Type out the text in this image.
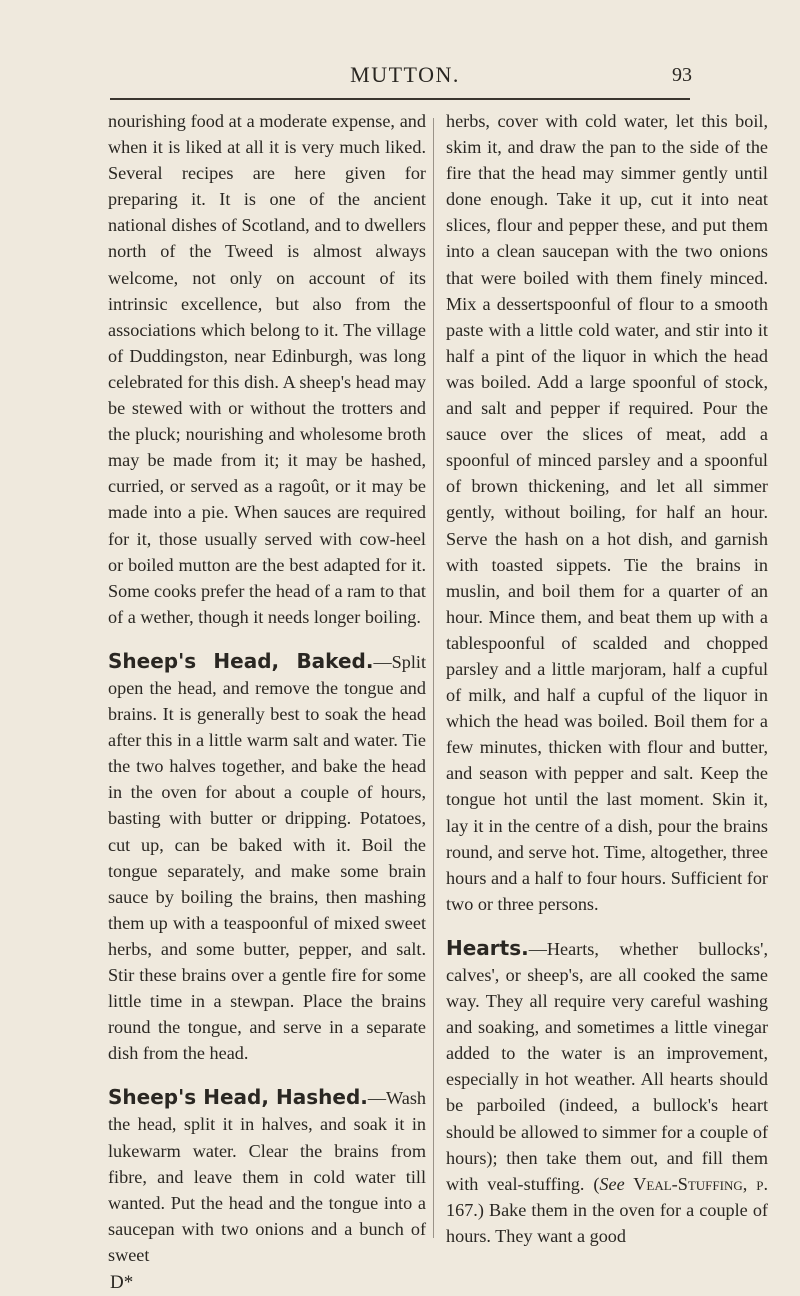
MUTTON.	93

nourishing food at a moderate expense, and when it is liked at all it is very much liked. Several recipes are here given for preparing it. It is one of the ancient national dishes of Scotland, and to dwellers north of the Tweed is almost always welcome, not only on account of its intrinsic excellence, but also from the associations which belong to it. The village of Duddingston, near Edinburgh, was long celebrated for this dish. A sheep's head may be stewed with or without the trotters and the pluck; nourishing and wholesome broth may be made from it; it may be hashed, curried, or served as a ragoût, or it may be made into a pie. When sauces are required for it, those usually served with cow-heel or boiled mutton are the best adapted for it. Some cooks prefer the head of a ram to that of a wether, though it needs longer boiling.

Sheep's Head, Baked.—Split open the head, and remove the tongue and brains. It is generally best to soak the head after this in a little warm salt and water. Tie the two halves together, and bake the head in the oven for about a couple of hours, basting with butter or dripping. Potatoes, cut up, can be baked with it. Boil the tongue separately, and make some brain sauce by boiling the brains, then mashing them up with a teaspoonful of mixed sweet herbs, and some butter, pepper, and salt. Stir these brains over a gentle fire for some little time in a stewpan. Place the brains round the tongue, and serve in a separate dish from the head.

Sheep's Head, Hashed.—Wash the head, split it in halves, and soak it in lukewarm water. Clear the brains from fibre, and leave them in cold water till wanted. Put the head and the tongue into a saucepan with two onions and a bunch of sweet

D*

herbs, cover with cold water, let this boil, skim it, and draw the pan to the side of the fire that the head may simmer gently until done enough. Take it up, cut it into neat slices, flour and pepper these, and put them into a clean saucepan with the two onions that were boiled with them finely minced. Mix a dessertspoonful of flour to a smooth paste with a little cold water, and stir into it half a pint of the liquor in which the head was boiled. Add a large spoonful of stock, and salt and pepper if required. Pour the sauce over the slices of meat, add a spoonful of minced parsley and a spoonful of brown thickening, and let all simmer gently, without boiling, for half an hour. Serve the hash on a hot dish, and garnish with toasted sippets. Tie the brains in muslin, and boil them for a quarter of an hour. Mince them, and beat them up with a tablespoonful of scalded and chopped parsley and a little marjoram, half a cupful of milk, and half a cupful of the liquor in which the head was boiled. Boil them for a few minutes, thicken with flour and butter, and season with pepper and salt. Keep the tongue hot until the last moment. Skin it, lay it in the centre of a dish, pour the brains round, and serve hot. Time, altogether, three hours and a half to four hours. Sufficient for two or three persons.

Hearts.—Hearts, whether bullocks', calves', or sheep's, are all cooked the same way. They all require very careful washing and soaking, and sometimes a little vinegar added to the water is an improvement, especially in hot weather. All hearts should be parboiled (indeed, a bullock's heart should be allowed to simmer for a couple of hours); then take them out, and fill them with veal-stuffing. (See Veal-Stuffing, p. 167.) Bake them in the oven for a couple of hours. They want a good
